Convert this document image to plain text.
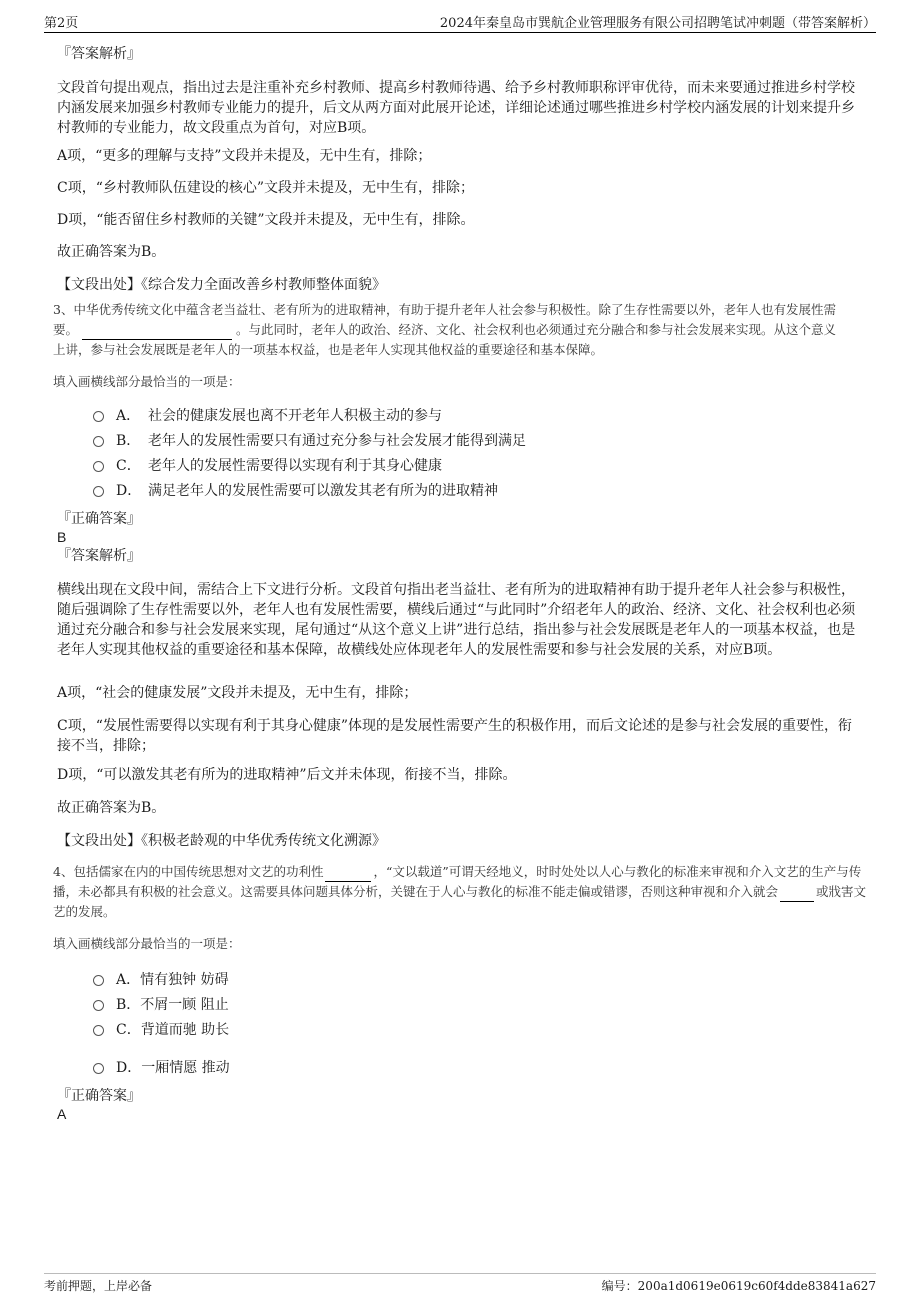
第2页	2024年秦皇岛市巽航企业管理服务有限公司招聘笔试冲刺题（带答案解析）
『答案解析』
文段首句提出观点，指出过去是注重补充乡村教师、提高乡村教师待遇、给予乡村教师职称评审优待，而未来要通过推进乡村学校内涵发展来加强乡村教师专业能力的提升，后文从两方面对此展开论述，详细论述通过哪些推进乡村学校内涵发展的计划来提升乡村教师的专业能力，故文段重点为首句，对应B项。
A项，“更多的理解与支持”文段并未提及，无中生有，排除；
C项，“乡村教师队伍建设的核心”文段并未提及，无中生有，排除；
D项，“能否留住乡村教师的关键”文段并未提及，无中生有，排除。
故正确答案为B。
【文段出处】《综合发力全面改善乡村教师整体面貌》
3、中华优秀传统文化中蕴含老当益壮、老有所为的进取精神，有助于提升老年人社会参与积极性。除了生存性需要以外，老年人也有发展性需
要。	。与此同时，老年人的政治、经济、文化、社会权利也必须通过充分融合和参与社会发展来实现。从这个意义
上讲，参与社会发展既是老年人的一项基本权益，也是老年人实现其他权益的重要途径和基本保障。
填入画横线部分最恰当的一项是：
A． 社会的健康发展也离不开老年人积极主动的参与
B． 老年人的发展性需要只有通过充分参与社会发展才能得到满足
C． 老年人的发展性需要得以实现有利于其身心健康
D． 满足老年人的发展性需要可以激发其老有所为的进取精神
『正确答案』
B
『答案解析』
横线出现在文段中间，需结合上下文进行分析。文段首句指出老当益壮、老有所为的进取精神有助于提升老年人社会参与积极性，随后强调除了生存性需要以外，老年人也有发展性需要，横线后通过“与此同时”介绍老年人的政治、经济、文化、社会权利也必须通过充分融合和参与社会发展来实现，尾句通过“从这个意义上讲”进行总结，指出参与社会发展既是老年人的一项基本权益，也是老年人实现其他权益的重要途径和基本保障，故横线处应体现老年人的发展性需要和参与社会发展的关系，对应B项。
A项，“社会的健康发展”文段并未提及，无中生有，排除；
C项，“发展性需要得以实现有利于其身心健康”体现的是发展性需要产生的积极作用，而后文论述的是参与社会发展的重要性，衔接不当，排除；
D项，“可以激发其老有所为的进取精神”后文并未体现，衔接不当，排除。
故正确答案为B。
【文段出处】《积极老龄观的中华优秀传统文化溯源》
4、包括儒家在内的中国传统思想对文艺的功利性	，“文以载道”可谓天经地义，时时处处以人心与教化的标准来审视和介入文艺的生产与传播，未必都具有积极的社会意义。这需要具体问题具体分析，关键在于人心与教化的标准不能走偏或错谬，否则这种审视和介入就会	或戕害文艺的发展。
填入画横线部分最恰当的一项是：
A．情有独钟 妨碍
B．不屑一顾 阻止
C．背道而驰 助长
D．一厢情愿 推动
『正确答案』
A
考前押题，上岸必备	编号：200a1d0619e0619c60f4dde83841a627
